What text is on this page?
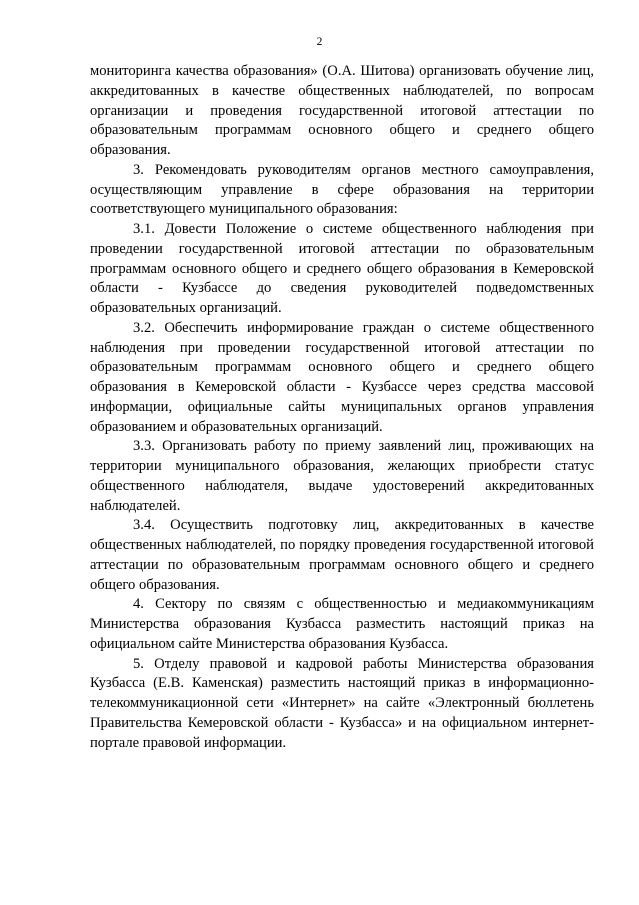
2

мониторинга качества образования» (О.А. Шитова) организовать обучение лиц, аккредитованных в качестве общественных наблюдателей, по вопросам организации и проведения государственной итоговой аттестации по образовательным программам основного общего и среднего общего образования.

3. Рекомендовать руководителям органов местного самоуправления, осуществляющим управление в сфере образования на территории соответствующего муниципального образования:

3.1. Довести Положение о системе общественного наблюдения при проведении государственной итоговой аттестации по образовательным программам основного общего и среднего общего образования в Кемеровской области - Кузбассе до сведения руководителей подведомственных образовательных организаций.

3.2. Обеспечить информирование граждан о системе общественного наблюдения при проведении государственной итоговой аттестации по образовательным программам основного общего и среднего общего образования в Кемеровской области - Кузбассе через средства массовой информации, официальные сайты муниципальных органов управления образованием и образовательных организаций.

3.3. Организовать работу по приему заявлений лиц, проживающих на территории муниципального образования, желающих приобрести статус общественного наблюдателя, выдаче удостоверений аккредитованных наблюдателей.

3.4. Осуществить подготовку лиц, аккредитованных в качестве общественных наблюдателей, по порядку проведения государственной итоговой аттестации по образовательным программам основного общего и среднего общего образования.

4. Сектору по связям с общественностью и медиакоммуникациям Министерства образования Кузбасса разместить настоящий приказ на официальном сайте Министерства образования Кузбасса.

5. Отделу правовой и кадровой работы Министерства образования Кузбасса (Е.В. Каменская) разместить настоящий приказ в информационно-телекоммуникационной сети «Интернет» на сайте «Электронный бюллетень Правительства Кемеровской области - Кузбасса» и на официальном интернет-портале правовой информации.
